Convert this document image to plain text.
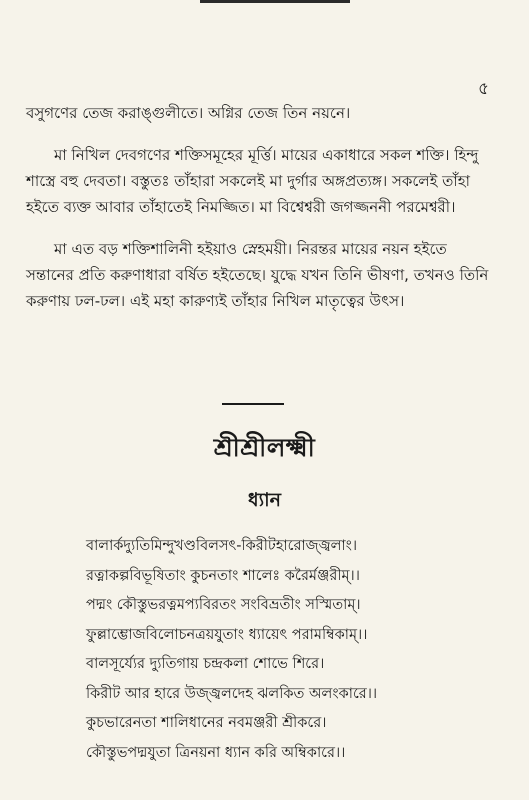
৫

বসুগণের তেজ করাঙ্গুলীতে। অগ্নির তেজ তিন নয়নে।

মা নিখিল দেবগণের শক্তিসমূহের মূর্ত্তি। মায়ের একাধারে সকল শক্তি। হিন্দু শাস্ত্রে বহু দেবতা। বস্তুতঃ তাঁহারা সকলেই মা দুর্গার অঙ্গপ্রত্যঙ্গ। সকলেই তাঁহা হইতে ব্যক্ত আবার তাঁহাতেই নিমজ্জিত। মা বিশ্বেশ্বরী জগজ্জননী পরমেশ্বরী।

মা এত বড় শক্তিশালিনী হইয়াও স্নেহময়ী। নিরন্তর মায়ের নয়ন হইতে সন্তানের প্রতি করুণাধারা বর্ষিত হইতেছে। যুদ্ধে যখন তিনি ভীষণা, তখনও তিনি করুণায় ঢল-ঢল। এই মহা কারুণ্যই তাঁহার নিখিল মাতৃত্বের উৎস।

শ্রীশ্রীলক্ষ্মী
ধ্যান
বালার্কদ্যুতিমিন্দুখণ্ডবিলসৎ-কিরীটহারোজ্জ্বলাং।
রত্নাকল্পবিভূষিতাং কুচনতাং শালেঃ করৈর্মঞ্জরীম্।।
পদ্মং কৌস্তুভরত্নমপ্যবিরতং সংবিভ্রতীং সস্মিতাম্।
ফুল্লাম্ভোজবিলোচনত্রয়যুতাং ধ্যায়েৎ পরামম্বিকাম্।।
বালসূর্য্যের দ্যুতিগায় চন্দ্রকলা শোভে শিরে।
কিরীট আর হারে উজ্জ্বলদেহ ঝলকিত অলংকারে।।
কুচভারেনতা শালিধানের নবমঞ্জরী শ্রীকরে।
কৌস্তুভপদ্মযুতা ত্রিনয়না ধ্যান করি অম্বিকারে।।
